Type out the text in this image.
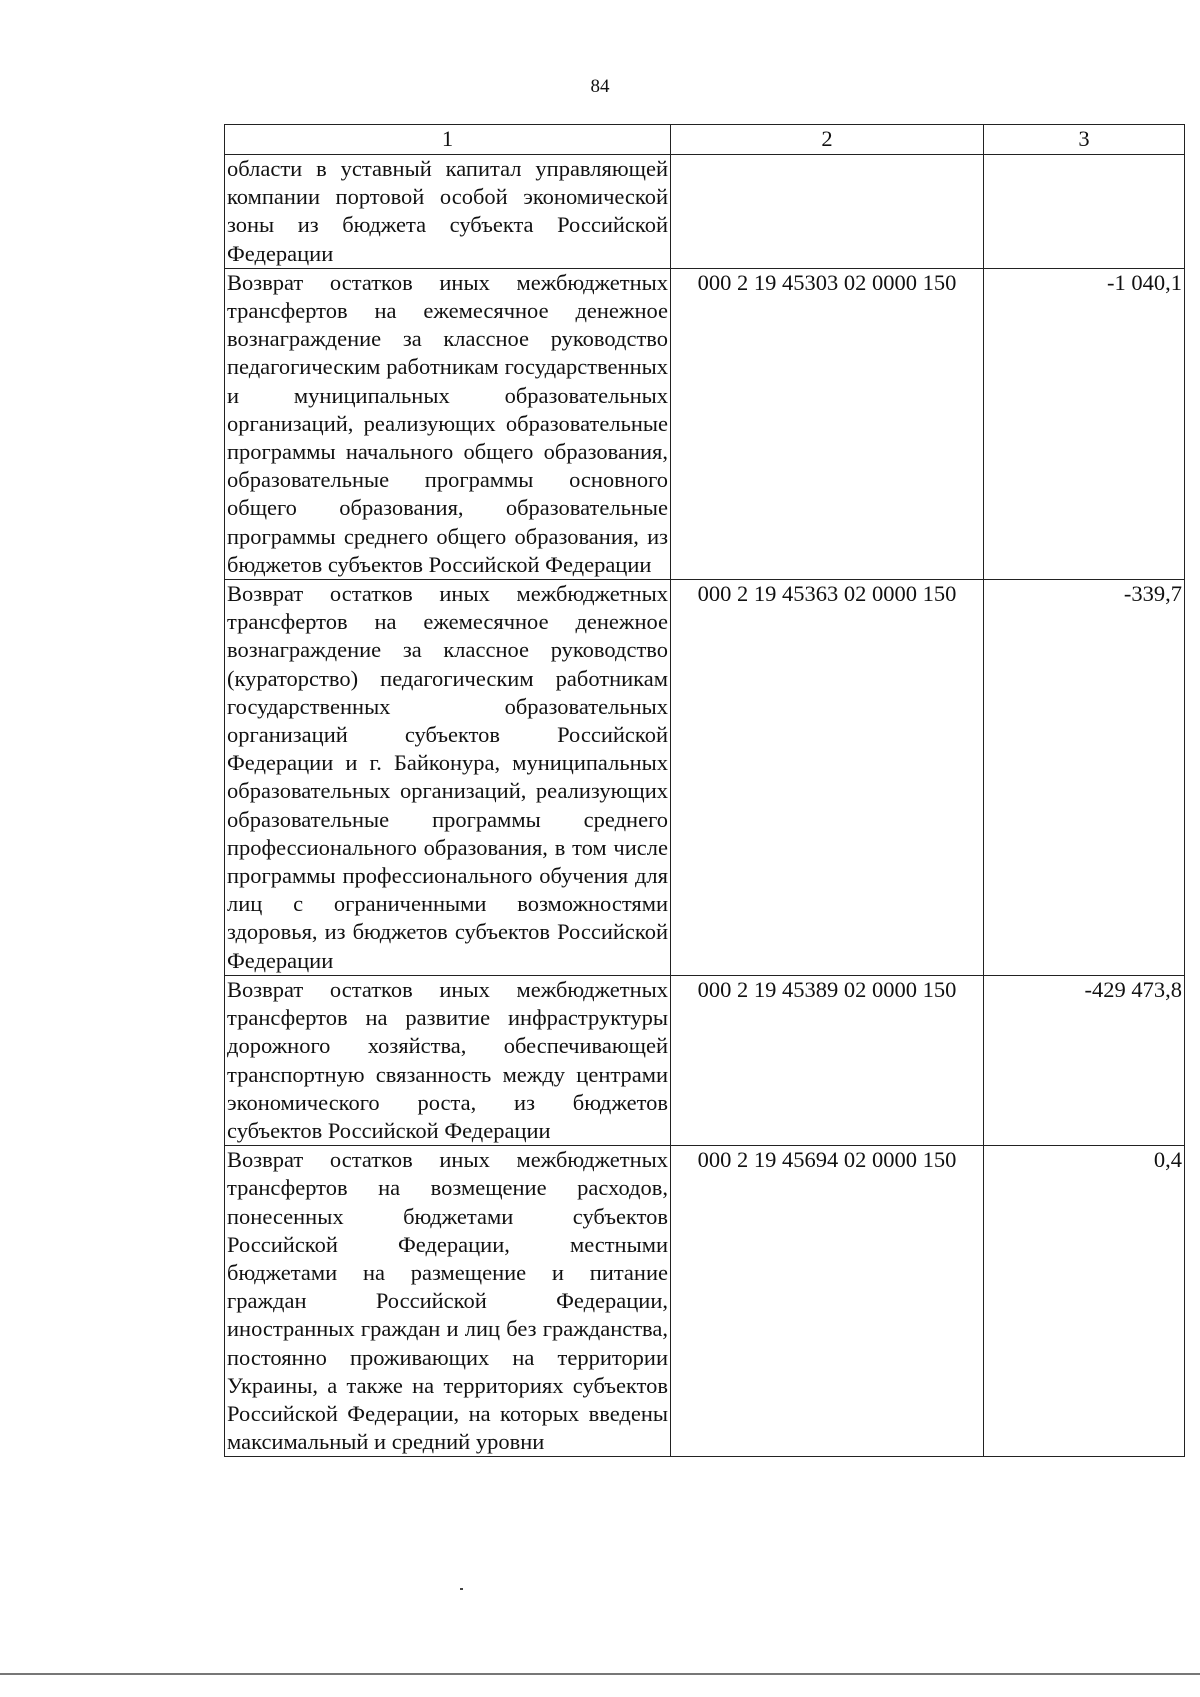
84
1	2	3
области в уставный капитал управляющей компании портовой особой экономической зоны из бюджета субъекта Российской Федерации		
Возврат остатков иных межбюджетных трансфертов на ежемесячное денежное вознаграждение за классное руководство педагогическим работникам государственных и муниципальных образовательных организаций, реализующих образовательные программы начального общего образования, образовательные программы основного общего образования, образовательные программы среднего общего образования, из бюджетов субъектов Российской Федерации	000 2 19 45303 02 0000 150	-1 040,1
Возврат остатков иных межбюджетных трансфертов на ежемесячное денежное вознаграждение за классное руководство (кураторство) педагогическим работникам государственных образовательных организаций субъектов Российской Федерации и г. Байконура, муниципальных образовательных организаций, реализующих образовательные программы среднего профессионального образования, в том числе программы профессионального обучения для лиц с ограниченными возможностями здоровья, из бюджетов субъектов Российской Федерации	000 2 19 45363 02 0000 150	-339,7
Возврат остатков иных межбюджетных трансфертов на развитие инфраструктуры дорожного хозяйства, обеспечивающей транспортную связанность между центрами экономического роста, из бюджетов субъектов Российской Федерации	000 2 19 45389 02 0000 150	-429 473,8
Возврат остатков иных межбюджетных трансфертов на возмещение расходов, понесенных бюджетами субъектов Российской Федерации, местными бюджетами на размещение и питание граждан Российской Федерации, иностранных граждан и лиц без гражданства, постоянно проживающих на территории Украины, а также на территориях субъектов Российской Федерации, на которых введены максимальный и средний уровни	000 2 19 45694 02 0000 150	0,4
